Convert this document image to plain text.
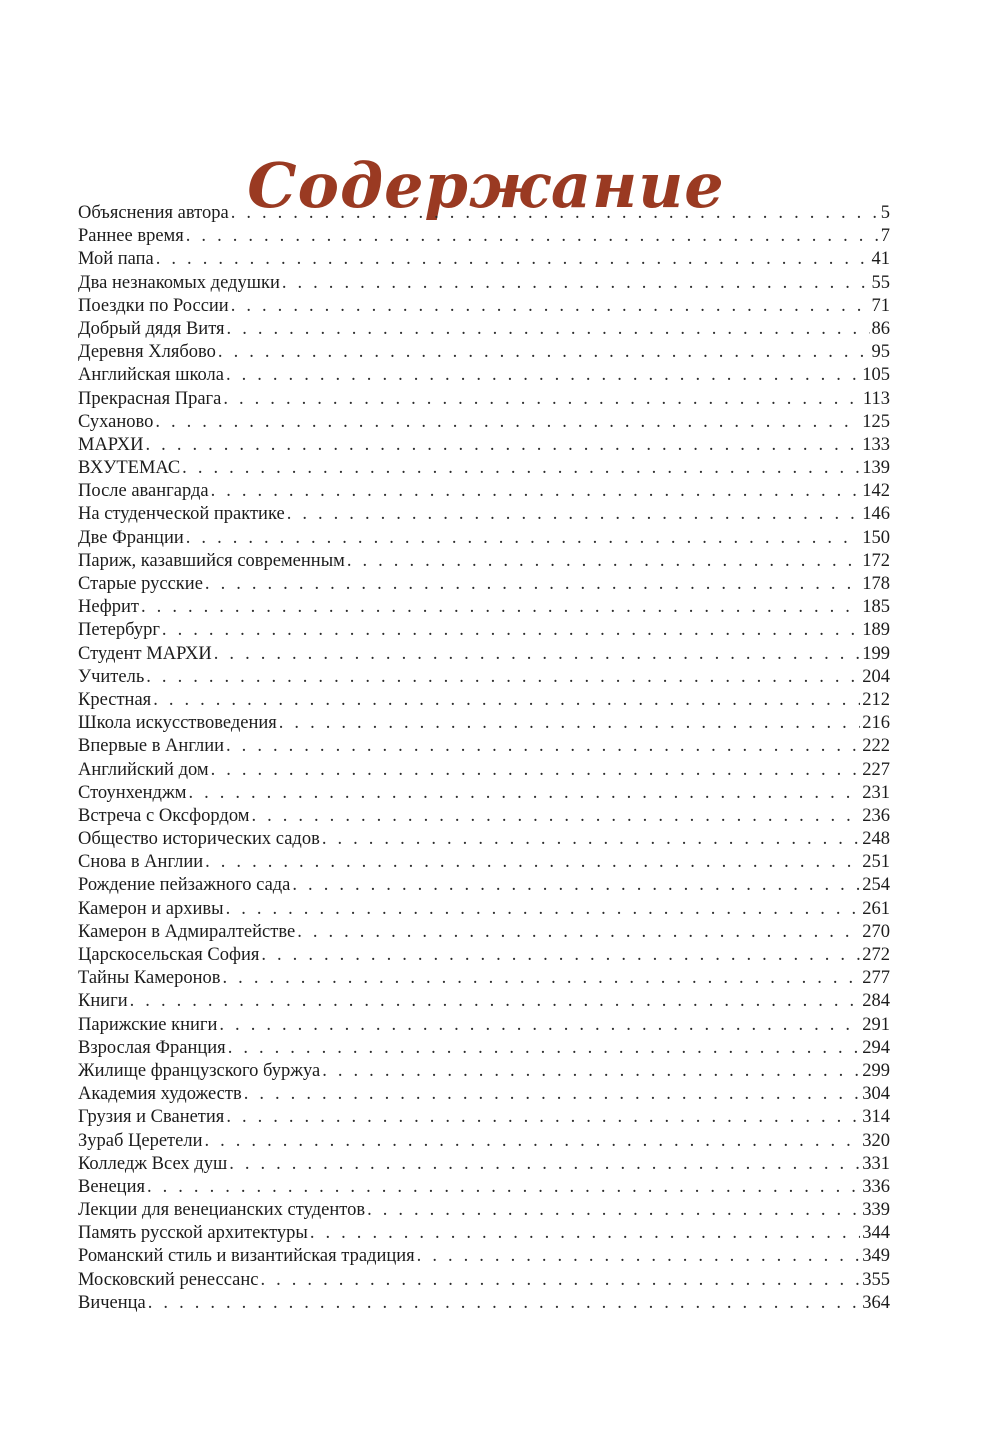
Содержание
Объяснения автора . . .	5
Раннее время . . .	7
Мой папа . . .	41
Два незнакомых дедушки . . .	55
Поездки по России . . .	71
Добрый дядя Витя . . .	86
Деревня Хлябово . . .	95
Английская школа . . .	105
Прекрасная Прага . . .	113
Суханово . . .	125
МАРХИ . . .	133
ВХУТЕМАС . . .	139
После авангарда . . .	142
На студенческой практике . . .	146
Две Франции . . .	150
Париж, казавшийся современным . . .	172
Старые русские . . .	178
Нефрит . . .	185
Петербург . . .	189
Студент МАРХИ . . .	199
Учитель . . .	204
Крестная . . .	212
Школа искусствоведения . . .	216
Впервые в Англии . . .	222
Английский дом . . .	227
Стоунхенджм . . .	231
Встреча с Оксфордом . . .	236
Общество исторических садов . . .	248
Снова в Англии . . .	251
Рождение пейзажного сада . . .	254
Камерон и архивы . . .	261
Камерон в Адмиралтействе . . .	270
Царскосельская София . . .	272
Тайны Камеронов . . .	277
Книги . . .	284
Парижские книги . . .	291
Взрослая Франция . . .	294
Жилище французского буржуа . . .	299
Академия художеств . . .	304
Грузия и Сванетия . . .	314
Зураб Церетели . . .	320
Колледж Всех душ . . .	331
Венеция . . .	336
Лекции для венецианских студентов . . .	339
Память русской архитектуры . . .	344
Романский стиль и византийская традиция . . .	349
Московский ренессанс . . .	355
Виченца . . .	364
